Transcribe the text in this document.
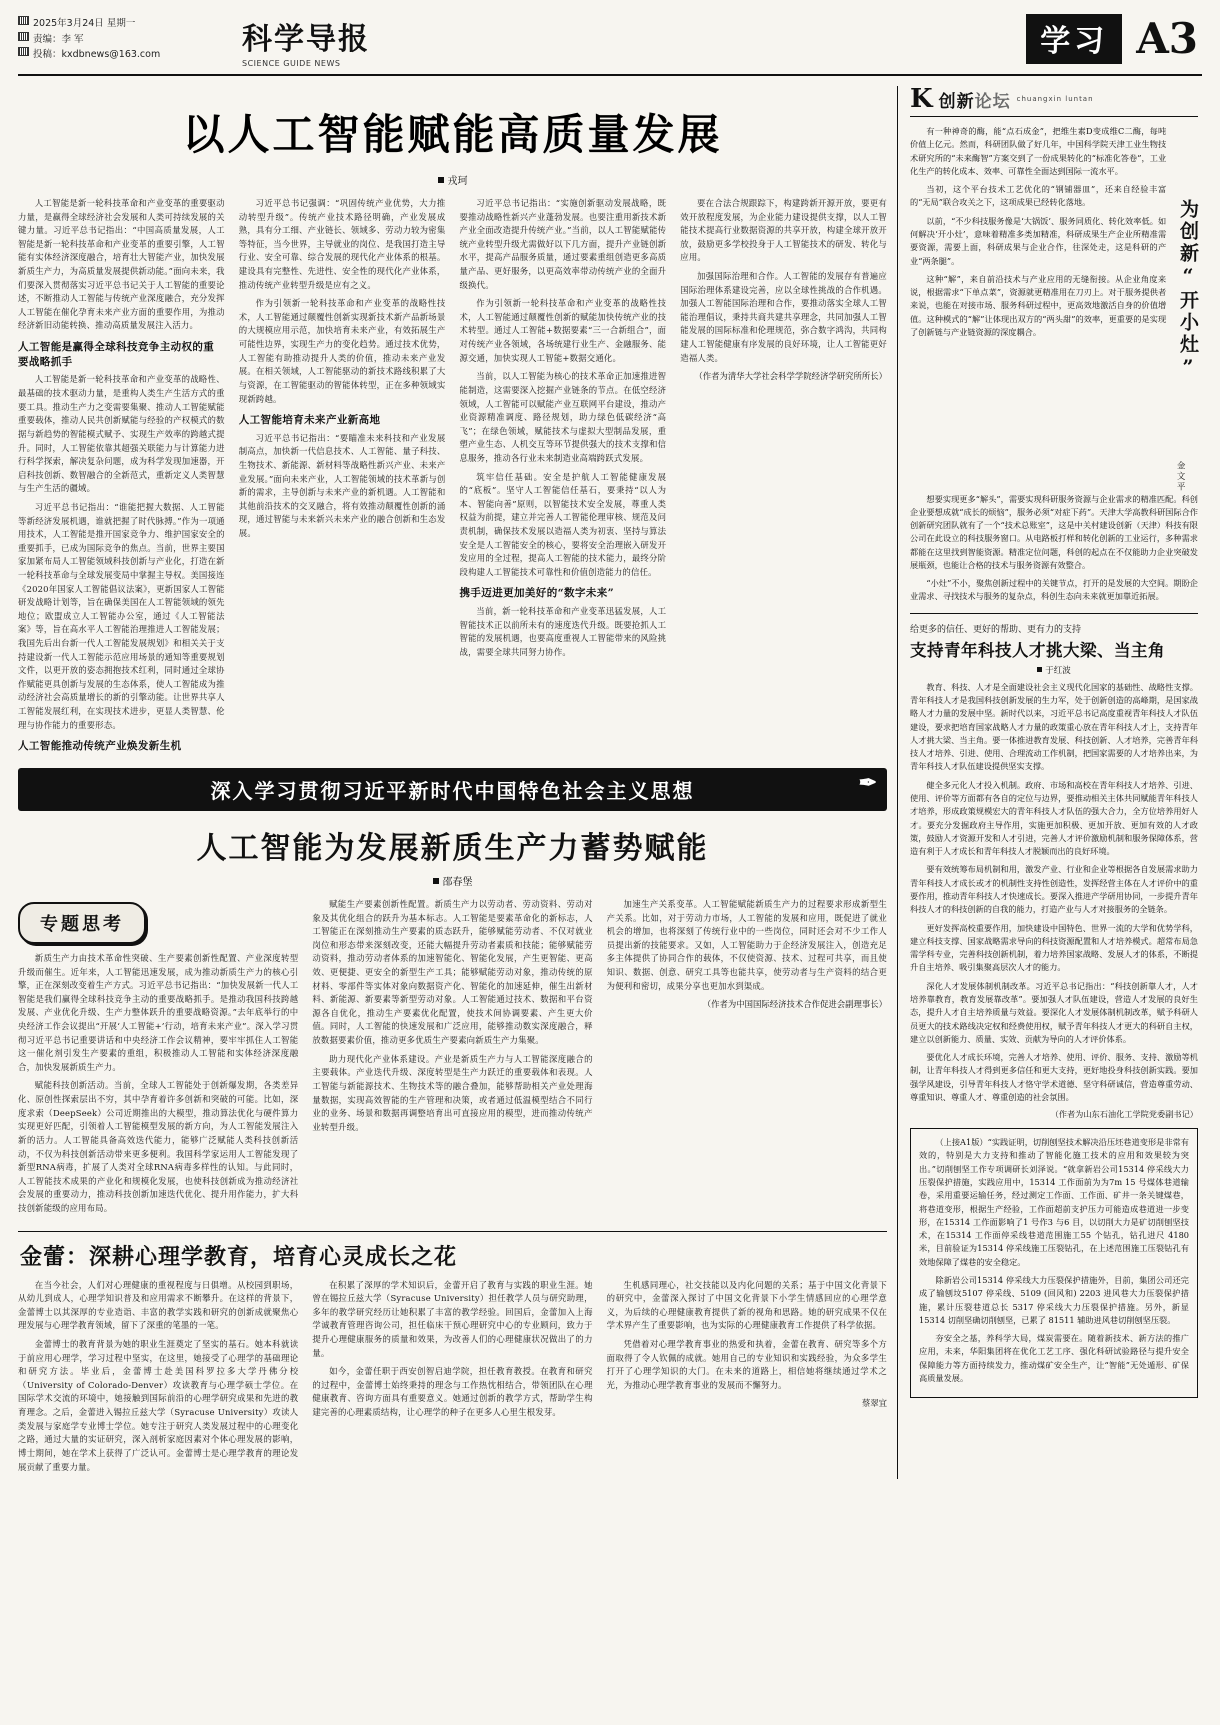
2025年3月24日 星期一
责编：李 军
投稿：kxdbnews@163.com	科学导报
SCIENCE GUIDE NEWS
学习 A3
以人工智能赋能高质量发展
戎珂

人工智能是新一轮科技革命和产业变革的重要驱动力量，是赢得全球经济社会发展和人类可持续发展的关键力量。习近平总书记指出：“中国高质量发展，人工智能是新一轮科技革命和产业变革的重要引擎，人工智能有实体经济深度融合，培育壮大智能产业，加快发展新质生产力，为高质量发展提供新动能。”面向未来，我们要深入贯彻落实习近平总书记关于人工智能的重要论述，不断推动人工智能与传统产业深度融合，充分发挥人工智能在催化孕育未来产业方面的重要作用，为推动经济新旧动能转换、推动高质量发展注入活力。

人工智能是赢得全球科技竞争主动权的重要战略抓手

人工智能是新一轮科技革命和产业变革的战略性、最基础的技术驱动力量，是重构人类生产生活方式的重要工具。推动生产力之变需要集聚、推动人工智能赋能重要载体，推动人民共创新赋能与经验的产权模式的数据与新趋势的智能模式赋予、实现生产效率的跨越式提升。同时，人工智能依靠其超强关联能力与计算能力进行科学探索，解决复杂问题，成为科学发现加速器，开启科技创新、数智融合的全新范式，重新定义人类智慧与生产生活的疆域。

习近平总书记指出：“谁能把握大数据、人工智能等新经济发展机遇，谁就把握了时代脉搏。”作为一项通用技术，人工智能是推开国家竞争力、维护国家安全的重要抓手，已成为国际竞争的焦点。当前，世界主要国家加紧布局人工智能领域科技创新与产业化，打造在新一轮科技革命与全球发展变局中掌握主导权。美国接连《2020年国家人工智能倡议法案》，更新国家人工智能研发战略计划等，旨在确保美国在人工智能领域的领先地位；欧盟成立人工智能办公室，通过《人工智能法案》等，旨在高水平人工智能治理推进人工智能发展；我国先后出台新一代人工智能发展规划》和相关关于支持建设新一代人工智能示范应用场景的通知等重要规划文件，以更开放的姿态拥抱技术红利，同时通过全球协作赋能更具创新与发展的生态体系，使人工智能成为推动经济社会高质量增长的新的引擎动能。让世界共享人工智能发展红利，在实现技术进步，更显人类智慧、伦理与协作能力的重要形态。

人工智能推动传统产业焕发新生机

习近平总书记强调：“巩固传统产业优势，大力推动转型升级”。传统产业技术路径明确，产业发展成熟，具有分工细、产业链长、领域多、劳动力较为密集等特征，当今世界，主导就业的岗位、是我国打造主导行业、安全可靠、综合发展的现代化产业体系的根基。建设具有完整性、先进性、安全性的现代化产业体系，推动传统产业转型升级是应有之义。

作为引领新一轮科技革命和产业变革的战略性技术，人工智能通过颠覆性创新实现新技术新产品新场景的大规模应用示范，加快培育未来产业，有效拓展生产可能性边界，实现生产力的变化趋势。通过技术优势，人工智能有助推动提升人类的价值，推动未来产业发展。在相关领域，人工智能驱动的新技术路线积累了大与资源，在工智能驱动的智能体转型，正在多种领域实现新跨越。

人工智能培育未来产业新高地

习近平总书记指出：“要瞄准未来科技和产业发展制高点，加快新一代信息技术、人工智能、量子科技、生物技术、新能源、新材料等战略性新兴产业、未来产业发展。”面向未来产业，人工智能领域的技术革新与创新的需求，主导创新与未来产业的新机遇。人工智能和其他前沿技术的交叉融合，将有效推动颠覆性创新的涌现，通过智能与未来新兴未来产业的融合创新和生态发展。

习近平总书记指出：“实施创新驱动发展战略，既要推动战略性新兴产业蓬勃发展。也要注重用新技术新产业全面改造提升传统产业。”当前，以人工智能赋能传统产业转型升级尤需做好以下几方面，提升产业链创新水平，提高产品服务质量，通过要素重组创造更多高质量产品、更好服务，以更高效率带动传统产业的全面升级换代。

作为引领新一轮科技革命和产业变革的战略性技术，人工智能通过颠覆性创新的赋能加快传统产业的技术转型。通过人工智能+数据要素“三一合新组合”，面对传统产业各领域，各场统建行业生产、金融服务、能源交通，加快实现人工智能+数据交通化。

当前，以人工智能为核心的技术革命正加速推进智能制造，这需要深入挖掘产业链条的节点。在低空经济领域，人工智能可以赋能产业互联网平台建设，推动产业资源精准调度、路径规划，助力绿色低碳经济“高飞”；在绿色领域，赋能技术与虚拟大型制品发展，重塑产业生态、人机交互等环节提供强大的技术支撑和信息服务，推动各行业未来制造业高端跨跃式发展。

筑牢信任基础。安全是护航人工智能健康发展的“底板”。坚守人工智能信任基石，要秉持“以人为本、智能向善”原则，以智能技术安全发展，尊重人类权益为前提，建立并完善人工智能伦理审核、规范及问责机制，确保技术发展以造福人类为初衷、坚持与算法安全是人工智能安全的核心，要将安全治理嵌入研发开发应用的全过程，提高人工智能的技术能力，最终分阶段构建人工智能技术可靠性和价值创造能力的信任。

携手迈进更加美好的“数字未来”

当前，新一轮科技革命和产业变革迅猛发展，人工智能技术正以前所未有的速度迭代升级。既要抢抓人工智能的发展机遇，也要高度重视人工智能带来的风险挑战，需要全球共同努力协作。

要在合法合规跟踪下，构建跨新开源开放，要更有效开放程度发展，为企业能力建设提供支撑，以人工智能技术提高行业数据资源的共享开放，构建全球开放开放，鼓励更多学校投身于人工智能技术的研发、转化与应用。

加强国际治理和合作。人工智能的发展存有普遍应国际治理体系建设完善，应以全球性挑战的合作机遇。加强人工智能国际治理和合作，要推动落实全球人工智能治理倡议，秉持共商共建共享理念，共同加强人工智能发展的国际标准和伦理规范，弥合数字鸿沟，共同构建人工智能健康有序发展的良好环境，让人工智能更好造福人类。

（作者为清华大学社会科学学院经济学研究所所长）
深入学习贯彻习近平新时代中国特色社会主义思想	✒
人工智能为发展新质生产力蓄势赋能
邵春堡
专题思考

新质生产力由技术革命性突破、生产要素创新性配置、产业深度转型升级而催生。近年来，人工智能迅速发展，成为推动新质生产力的核心引擎，正在深刻改变着生产方式。习近平总书记指出：“加快发展新一代人工智能是我们赢得全球科技竞争主动的重要战略抓手。是推动我国科技跨越发展、产业优化升级、生产力整体跃升的重要战略资源。”去年底举行的中央经济工作会议提出“开展‘人工智能+’行动，培育未来产业”。深入学习贯彻习近平总书记重要讲话和中央经济工作会议精神，要牢牢抓住人工智能这一催化剂引发生产要素的重组，积极推动人工智能和实体经济深度融合，加快发展新质生产力。

赋能科技创新活动。当前，全球人工智能处于创新爆发期，各类差异化、原创性探索层出不穷，其中孕育着许多创新和突破的可能。比如，深度求索（DeepSeek）公司近期推出的大模型，推动算法优化与硬件算力实现更好匹配，引领着人工智能模型发展的新方向，为人工智能发展注入新的活力。人工智能具备高效迭代能力，能够广泛赋能人类科技创新活动，不仅为科技创新活动带来更多便利。我国科学家运用人工智能发现了新型RNA病毒，扩展了人类对全球RNA病毒多样性的认知。与此同时，人工智能技术成果的产业化和规模化发展，也使科技创新成为推动经济社会发展的重要动力，推动科技创新加速迭代优化、提升用作能力，扩大科技创新能级的应用布局。

赋能生产要素创新性配置。新质生产力以劳动者、劳动资料、劳动对象及其优化组合的跃升为基本标志。人工智能是要素革命化的新标志，人工智能正在深刻推动生产要素的质态跃升，能够赋能劳动者、不仅对就业岗位和形态带来深刻改变，还能大幅提升劳动者素质和技能；能够赋能劳动资料，推动劳动者体系的加速智能化、智能化发展，产生更智能、更高效、更便捷、更安全的新型生产工具；能够赋能劳动对象，推动传统的原材料、零部件等实体对象向数据资产化、智能化的加速延伸，催生出新材料、新能源、新要素等新型劳动对象。人工智能通过技术、数据和平台资源各自优化，推动生产要素优化配置，使技术间协调要素、产生更大价值。同时，人工智能的快速发展和广泛应用，能够推动数实深度融合，释放数据要素价值，推动更多优质生产要素向新质生产力集聚。

助力现代化产业体系建设。产业是新质生产力与人工智能深度融合的主要载体。产业迭代升级、深度转型是生产力跃迁的重要载体和表现。人工智能与新能源技术、生物技术等的融合叠加，能够帮助相关产业处理海量数据，实现高效智能的生产管理和决策，或者通过低温模型结合不同行业的业务、场景和数据再调整培育出可直接应用的模型，进而推动传统产业转型升级。

加速生产关系变革。人工智能赋能新质生产力的过程要求形成新型生产关系。比如，对于劳动力市场，人工智能的发展和应用，既促进了就业机会的增加，也将深刻了传统行业中的一些岗位，同时还会对不少工作人员提出新的技能要求。又如，人工智能助力于企经济发展注入，创造充足多主体提供了协同合作的载体，不仅使资源、技术、过程可共享，而且使知识、数据、创意、研究工具等也能共享，使劳动者与生产资料的结合更为便利和密切，成果分享也更加水到渠成。

（作者为中国国际经济技术合作促进会副理事长）
金蕾：深耕心理学教育，培育心灵成长之花

在当今社会，人们对心理健康的重视程度与日俱增。从校园到职场，从幼儿到成人，心理学知识普及和应用需求不断攀升。在这样的背景下，金蕾博士以其深厚的专业造诣、丰富的教学实践和研究的创新成就聚焦心理发展与心理学教育领域，留下了深重的笔墨的一笔。

金蕾博士的教育背景为她的职业生涯奠定了坚实的基石。她本科就读于前应用心理学，学习过程中坚实，在这里，她接受了心理学的基础理论和研究方法。毕业后，金蕾博士赴美国科罗拉多大学丹佛分校（University of Colorado-Denver）攻读教育与心理学硕士学位。在国际学术交流的环境中，她接触到国际前沿的心理学研究成果和先进的教育理念。之后，金蕾进入锡拉丘兹大学（Syracuse University）攻读人类发展与家庭学专业博士学位。她专注于研究人类发展过程中的心理变化之路，通过大量的实证研究，深入剖析家庭因素对个体心理发展的影响，博士期间，她在学术上获得了广泛认可。金蕾博士是心理学教育的理论发展贡献了重要力量。

在积累了深厚的学术知识后，金蕾开启了教育与实践的职业生涯。她曾在锡拉丘兹大学（Syracuse University）担任教学人员与研究助理，多年的教学研究经历让她积累了丰富的教学经验。回国后，金蕾加入上海学诚教育管理咨询公司，担任临床干预心理研究中心的专业顾问，致力于提升心理健康服务的质量和效果，为改善人们的心理健康状况做出了的力量。

如今，金蕾任职于西安创智启迪学院，担任教育教授。在教育和研究的过程中，金蕾博士始终秉持的理念与工作热忱相结合，带领团队在心理健康教育、咨询方面具有重要意义。她通过创新的教学方式，帮助学生构建完善的心理素质结构，让心理学的种子在更多人心里生根发芽。

生机感同理心，社交技能以及内化问题的关系；基于中国文化背景下的研究中，金蕾深入探讨了中国文化背景下小学生情感回应的心理学意义，为后续的心理健康教育提供了新的视角和思路。她的研究成果不仅在学术界产生了重要影响，也为实际的心理健康教育工作提供了科学依据。

凭借着对心理学教育事业的热爱和执着，金蕾在教育、研究等多个方面取得了令人钦佩的成就。她用自己的专业知识和实践经验，为众多学生打开了心理学知识的大门。在未来的道路上，相信她将继续通过学术之光，为推动心理学教育事业的发展而不懈努力。

蔡翠宜
K 创新论坛 chuangxin luntan

有一种神奇的酶，能“点石成金”，把维生素D变成维C二酶，每吨价值上亿元。然而，科研团队做了好几年，中国科学院天津工业生物技术研究所的“未来酶智”方案交到了一份成果转化的“标准化答卷”，工业化生产的转化成本、效率、可靠性全面达到国际一流水平。

当初，这个平台技术工艺优化的“钢铺器皿”，还来自经验丰富的“无局”联合攻关之下，这项成果已经转化落地。

以前，“不少科技服务像是‘大锅饭’、服务同质化、转化效率低。如何解决‘开小灶’，意味着精准多类加精准，科研成果生产企业所精准需要资源，需要上面，科研成果与企业合作，往深处走，这是科研的产业“两条腿”。

这种“解”，来自前沿技术与产业应用的无缝衔接。从企业角度来说，根据需求“下单点菜”，资源就更精准用在刀刃上。对于服务提供者来说，也能在对接市场、服务科研过程中，更高效地激活自身的价值增值。这种模式的“解”让体现出双方的“两头甜”的效率，更重要的是实现了创新链与产业链资源的深度耦合。	为创新“开小灶”
金文平

想要实现更多“解头”，需要实现科研服务资源与企业需求的精准匹配。科创企业要想成就“成长的烦恼”，服务必须“对症下药”。天津大学高教科研国际合作创新研究团队就有了一个“技术总账室”，这是中关村建设创新（天津）科技有限公司在此设立的科技服务窗口。从电路板打样和转化创新的工业运行，多种需求都能在这里找到智能资源。精准定位问题，科创的起点在不仅能助力企业突破发展瓶颈，也能让合格的技术与服务资源有效整合。

“小灶”不小，聚焦创新过程中的关键节点，打开的是发展的大空间。期盼企业需求、寻找技术与服务的复杂点，科创生态向未来就更加靠近拓展。

给更多的信任、更好的帮助、更有力的支持
支持青年科技人才挑大梁、当主角
于红波

教育、科技、人才是全面建设社会主义现代化国家的基础性、战略性支撑。青年科技人才是我国科技创新发展的生力军，处于创新创造的高峰期，是国家战略人才力量的发展中坚。新时代以来，习近平总书记高度重视青年科技人才队伍建设，要求把培育国家战略人才力量的政策重心放在青年科技人才上，支持青年人才挑大梁、当主角。要一体推进教育发展、科技创新、人才培养，完善青年科技人才培养、引进、使用、合理流动工作机制，把国家需要的人才培养出来，为青年科技人才队伍建设提供坚实支撑。

健全多元化人才投入机制。政府、市场和高校在青年科技人才培养、引进、使用、评价等方面都有各自的定位与边界，要推动相关主体共同赋能青年科技人才培养，形成政策规模宏大的青年科技人才队伍的强大合力，全方位培养用好人才。要充分发掘政府主导作用，实施更加积极、更加开放、更加有效的人才政策，鼓励人才资源开发和人才引进，完善人才评价激励机制和服务保障体系，营造有利于人才成长和青年科技人才脱颖而出的良好环境。

要有效统筹布局机制和用，激发产业、行业和企业等根据各自发展需求助力青年科技人才成长或才的机制性支持性创造性，发挥经营主体在人才评价中的重要作用，推动青年科技人才快速成长。要深入推进产学研用协同，一步提升青年科技人才的科技创新的自我的能力，打造产业与人才对接服务的全链条。

更好发挥高校重要作用，加快建设中国特色、世界一流的大学和优势学科，建立科技支撑、国家战略需求导向的科技资源配置和人才培养模式。超常布局急需学科专业，完善科技创新机制，着力培养国家战略、发展人才的体系，不断提升自主培养、吸引集聚高层次人才的能力。

深化人才发展体制机制改革。习近平总书记指出：“科技创新靠人才，人才培养靠教育，教育发展靠改革”。要加强人才队伍建设，营造人才发展的良好生态，提升人才自主培养质量与效益。要深化人才发展体制机制改革，赋予科研人员更大的技术路线决定权和经费使用权，赋予青年科技人才更大的科研自主权，建立以创新能力、质量、实效、贡献为导向的人才评价体系。

要优化人才成长环境，完善人才培养、使用、评价、服务、支持、激励等机制，让青年科技人才得到更多信任和更大支持，更好地投身科技创新实践。要加强学风建设，引导青年科技人才恪守学术道德、坚守科研诚信，营造尊重劳动、尊重知识、尊重人才、尊重创造的社会氛围。

（作者为山东石油化工学院党委副书记）

（上接A1版）“实践证明，切削刨坚技术解决沿压坯巷道变形是非常有效的，特别是大力支持和推动了智能化施工技术的应用和效果较为突出。”切削刨坚工作专项调研长刘泽说。“就拿新岩公司15314 停采线大力压裂保护措施，实践应用中，15314 工作面前为为7m 15 号煤体巷道输卷，采用重要运输任务，经过测定工作面、工作面、矿井一条关键煤巷，将巷道变形，根据生产经验，工作面超前支护压力可能造成巷道进一步变形，在15314 工作面影响了1 号作3 与6 目，以切削大力是矿切削刨坚技术，在15314 工作面停采线巷道范围施工55 个钻孔，钻孔进尺 4180 米，目前验证为15314 停采线施工压裂钻孔，在上述范围施工压裂钻孔有效地保障了煤巷的安全稳定。

除新岩公司15314 停采线大力压裂保护措施外，目前，集团公司还完成了输刨坟5107 停采线、5109 (回风和) 2203 进风巷大力压裂保护措施，累计压裂巷道总长 5317 停采线大力压裂保护措施。另外，新显 15314 切削坚确切削刨坚，已累了 81511 辅助进风巷切削刨坚压裂。

夯安全之基，养科学大局，煤炭需要在。随着新技术、新方法的推广应用，未来，华阳集团将在优化工艺工序、强化科研试验路径与提升安全保障能力等方面持续发力，推动煤矿安全生产，让“智能”无处遁形、矿保高质量发展。
